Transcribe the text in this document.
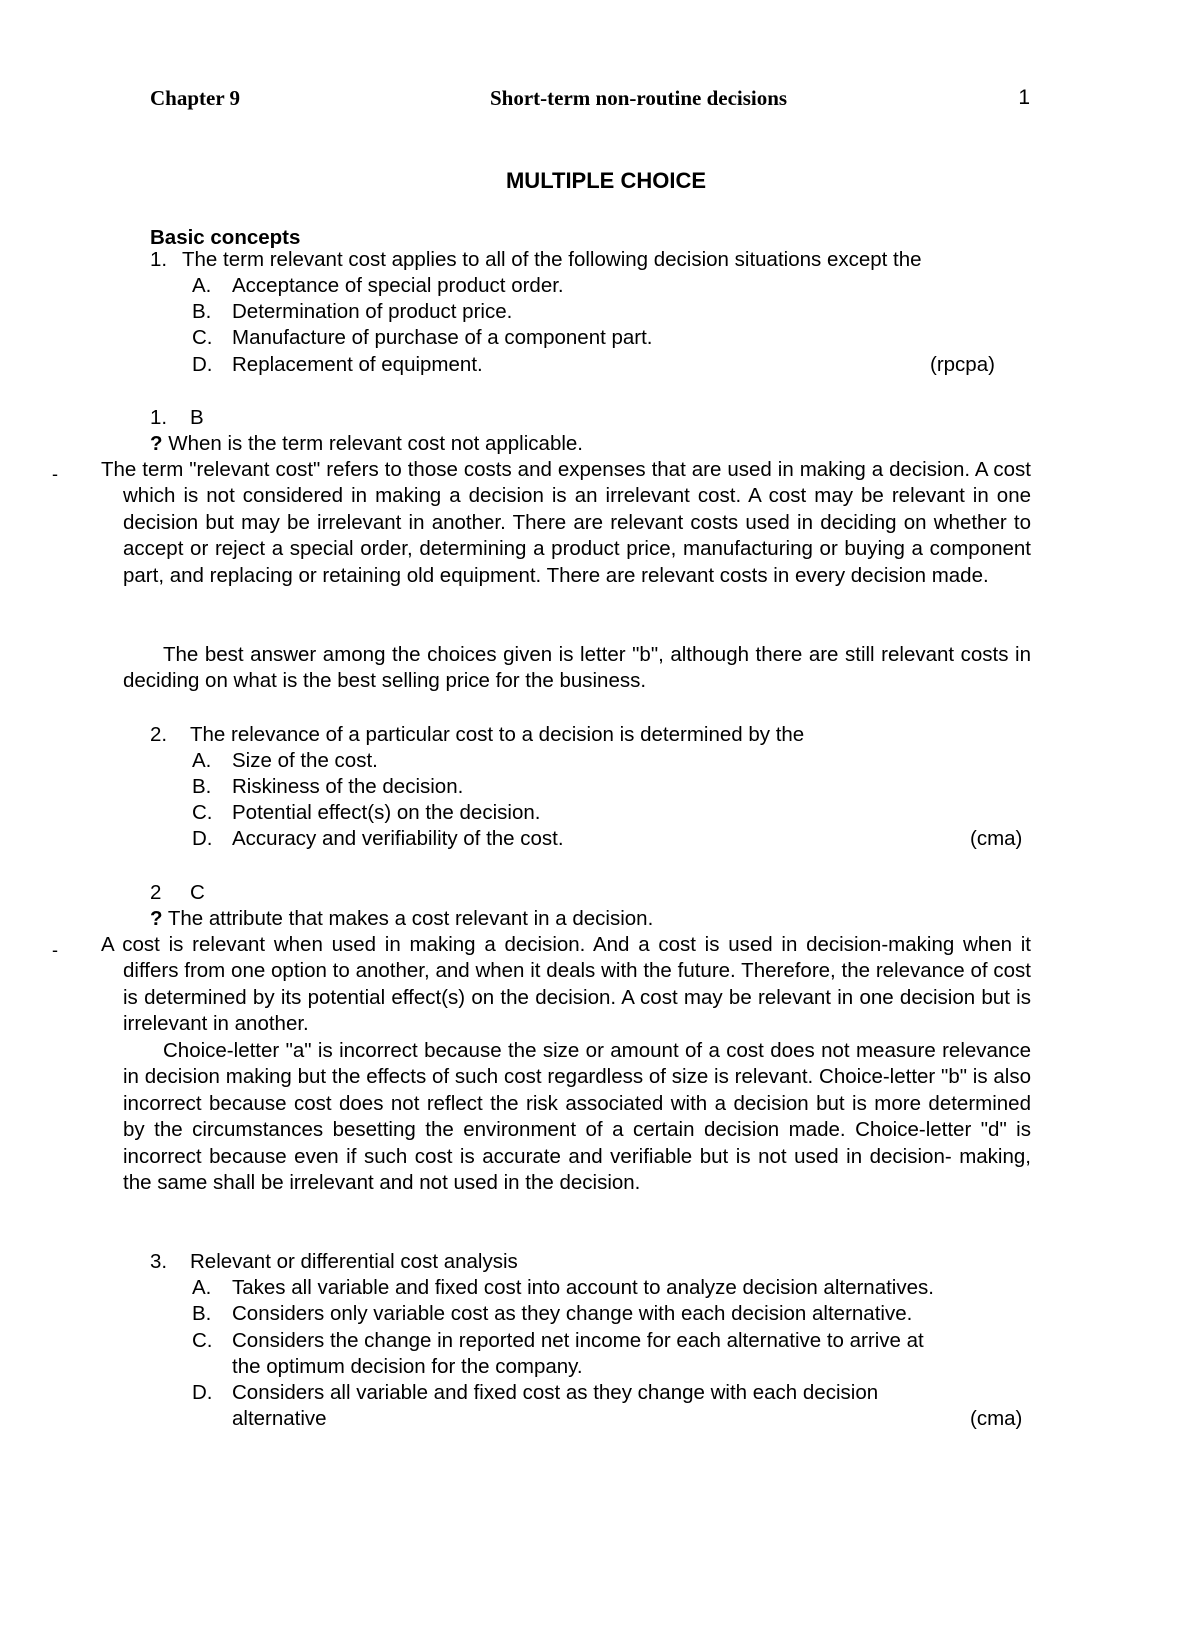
Chapter 9	Short-term non-routine decisions	1
MULTIPLE CHOICE
Basic concepts
1. The term relevant cost applies to all of the following decision situations except the
A. Acceptance of special product order.
B. Determination of product price.
C. Manufacture of purchase of a component part.
D. Replacement of equipment.	(rpcpa)
1. B
? When is the term relevant cost not applicable.
- The term "relevant cost" refers to those costs and expenses that are used in making a decision. A cost which is not considered in making a decision is an irrelevant cost. A cost may be relevant in one decision but may be irrelevant in another. There are relevant costs used in deciding on whether to accept or reject a special order, determining a product price, manufacturing or buying a component part, and replacing or retaining old equipment. There are relevant costs in every decision made.
The best answer among the choices given is letter "b", although there are still relevant costs in deciding on what is the best selling price for the business.
2. The relevance of a particular cost to a decision is determined by the
A. Size of the cost.
B. Riskiness of the decision.
C. Potential effect(s) on the decision.
D. Accuracy and verifiability of the cost.	(cma)
2 C
? The attribute that makes a cost relevant in a decision.
- A cost is relevant when used in making a decision. And a cost is used in decision-making when it differs from one option to another, and when it deals with the future. Therefore, the relevance of cost is determined by its potential effect(s) on the decision. A cost may be relevant in one decision but is irrelevant in another.
Choice-letter "a" is incorrect because the size or amount of a cost does not measure relevance in decision making but the effects of such cost regardless of size is relevant. Choice-letter "b" is also incorrect because cost does not reflect the risk associated with a decision but is more determined by the circumstances besetting the environment of a certain decision made. Choice-letter "d" is incorrect because even if such cost is accurate and verifiable but is not used in decision- making, the same shall be irrelevant and not used in the decision.
3. Relevant or differential cost analysis
A. Takes all variable and fixed cost into account to analyze decision alternatives.
B. Considers only variable cost as they change with each decision alternative.
C. Considers the change in reported net income for each alternative to arrive at
the optimum decision for the company.
D. Considers all variable and fixed cost as they change with each decision
alternative	(cma)
